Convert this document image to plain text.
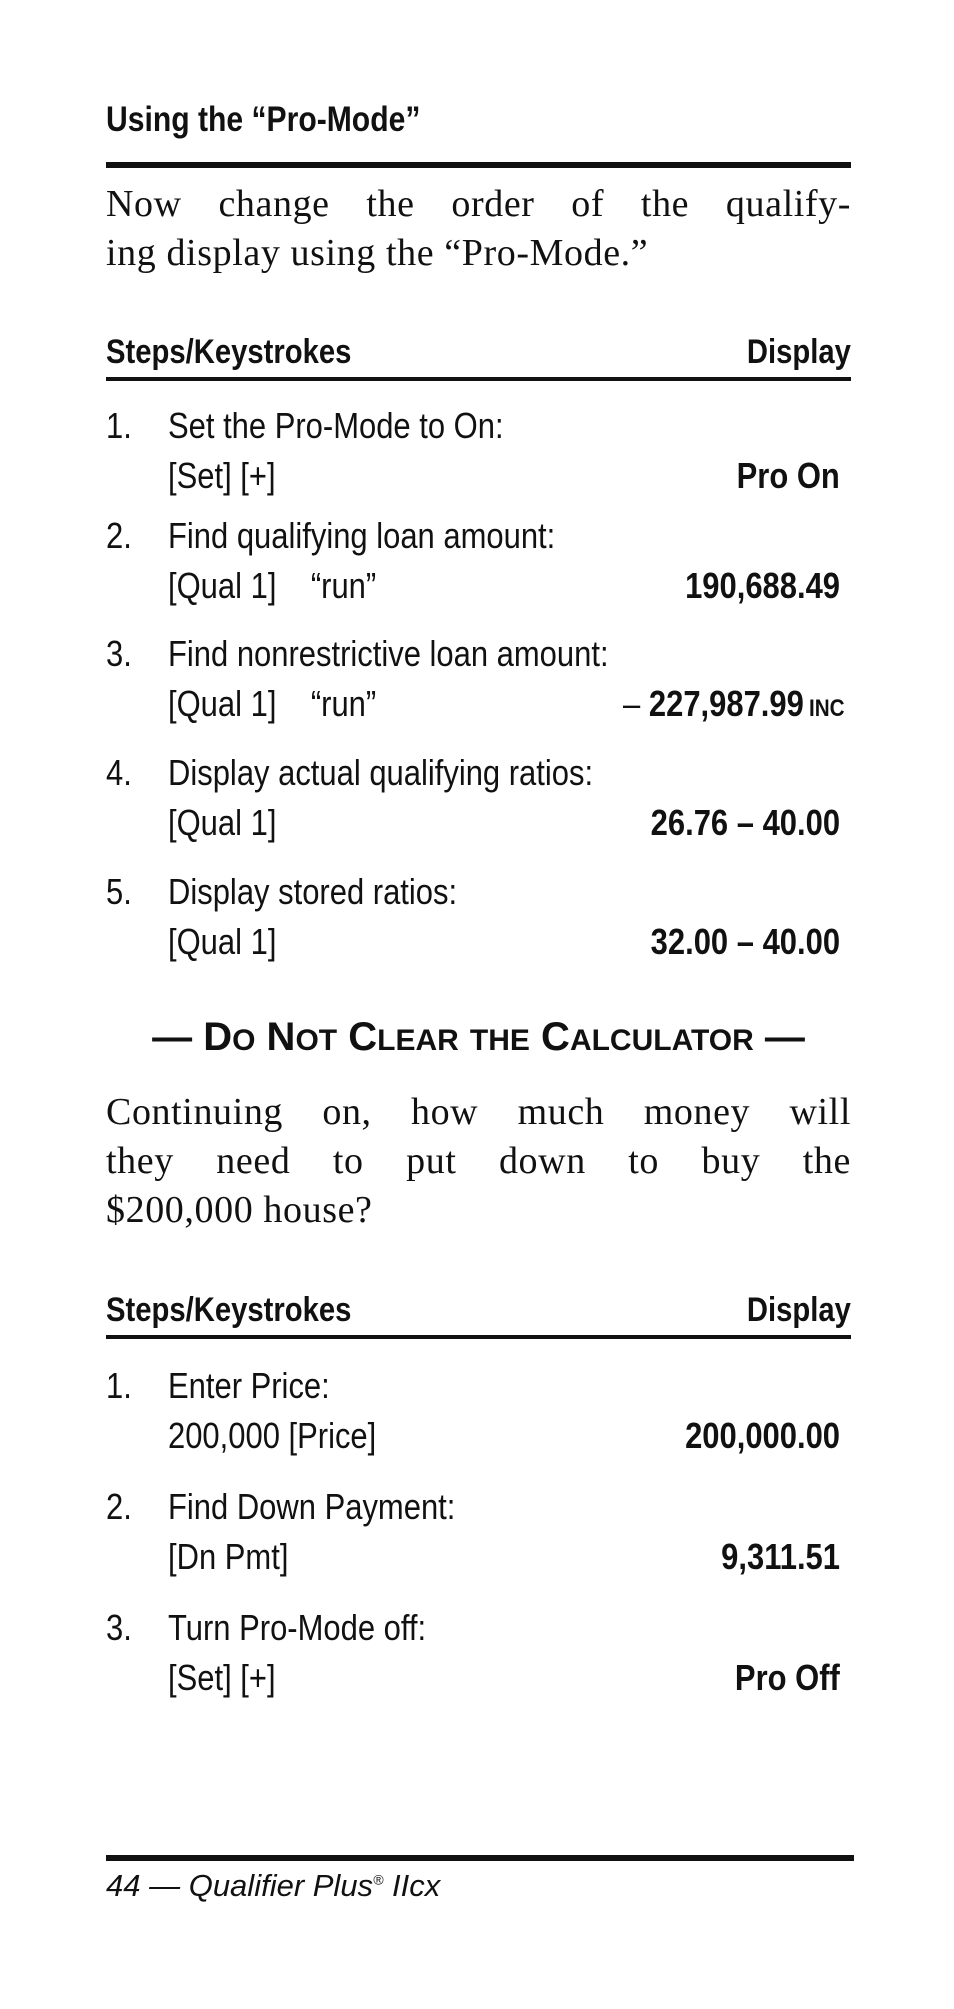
Using the “Pro-Mode”
Now change the order of the qualify-
ing display using the “Pro-Mode.”
Steps/Keystrokes	Display
1. Set the Pro-Mode to On:
[Set] [+]	Pro On
2. Find qualifying loan amount:
[Qual 1]    “run”	190,688.49
3. Find nonrestrictive loan amount:
[Qual 1]    “run”	– 227,987.99 INC
4. Display actual qualifying ratios:
[Qual 1]	26.76 – 40.00
5. Display stored ratios:
[Qual 1]	32.00 – 40.00
— DO NOT CLEAR THE CALCULATOR —
Continuing on, how much money will
they need to put down to buy the
$200,000 house?
Steps/Keystrokes	Display
1. Enter Price:
200,000 [Price]	200,000.00
2. Find Down Payment:
[Dn Pmt]	9,311.51
3. Turn Pro-Mode off:
[Set] [+]	Pro Off
44 — Qualifier Plus® IIcx
